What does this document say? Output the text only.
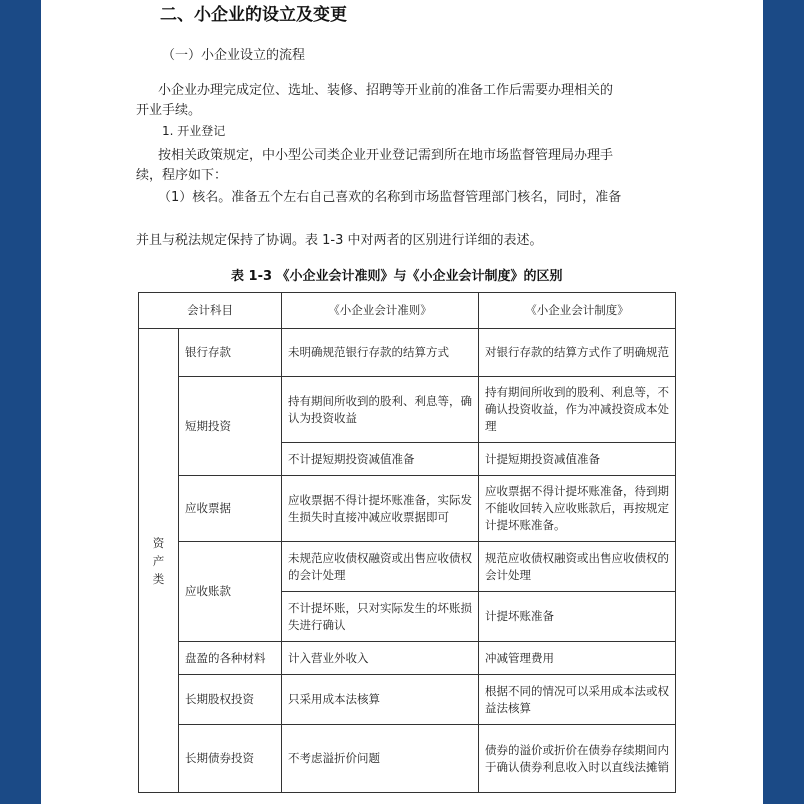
二、小企业的设立及变更
（一）小企业设立的流程
小企业办理完成定位、选址、装修、招聘等开业前的准备工作后需要办理相关的
开业手续。
1. 开业登记
按相关政策规定，中小型公司类企业开业登记需到所在地市场监督管理局办理手
续，程序如下：
（1）核名。准备五个左右自己喜欢的名称到市场监督管理部门核名，同时，准备
并且与税法规定保持了协调。表 1-3 中对两者的区别进行详细的表述。
表 1-3 《小企业会计准则》与《小企业会计制度》的区别
会计科目		《小企业会计准则》	《小企业会计制度》
资产类	银行存款	未明确规范银行存款的结算方式	对银行存款的结算方式作了明确规范
	短期投资	持有期间所收到的股利、利息等，确认为投资收益	持有期间所收到的股利、利息等，不确认投资收益，作为冲减投资成本处理
		不计提短期投资减值准备	计提短期投资减值准备
	应收票据	应收票据不得计提坏账准备，实际发生损失时直接冲减应收票据即可	应收票据不得计提坏账准备，待到期不能收回转入应收账款后，再按规定计提坏账准备。
	应收账款	未规范应收债权融资或出售应收债权的会计处理	规范应收债权融资或出售应收债权的会计处理
		不计提坏账，只对实际发生的坏账损失进行确认	计提坏账准备
	盘盈的各种材料	计入营业外收入	冲减管理费用
	长期股权投资	只采用成本法核算	根据不同的情况可以采用成本法或权益法核算
	长期债券投资	不考虑溢折价问题	债券的溢价或折价在债券存续期间内于确认债券利息收入时以直线法摊销
